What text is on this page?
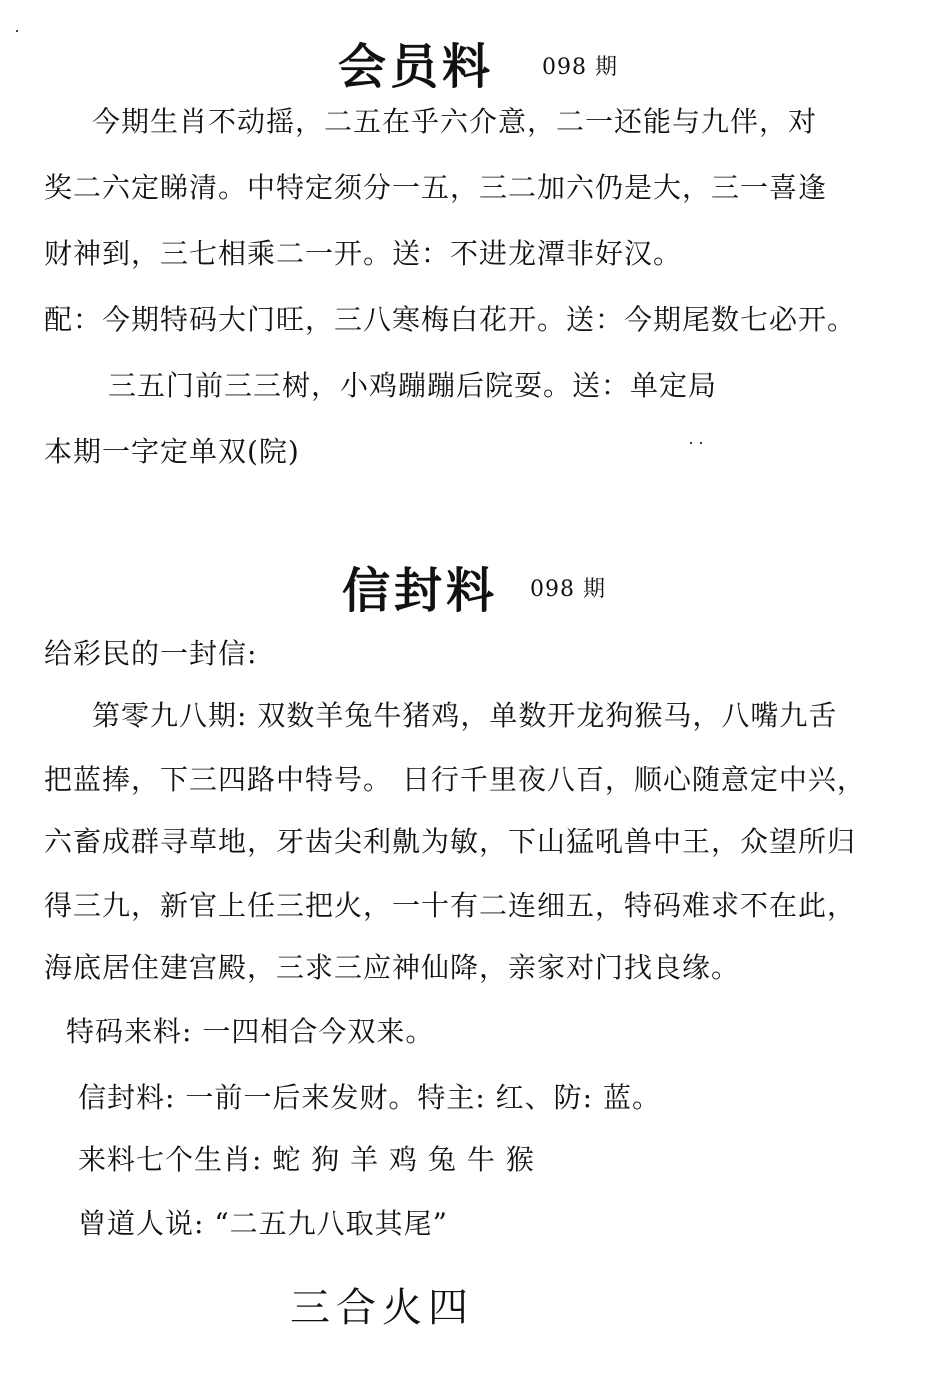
会员料 098 期
今期生肖不动摇，二五在乎六介意，二一还能与九伴，对
奖二六定睇清。中特定须分一五，三二加六仍是大，三一喜逢
财神到，三七相乘二一开。送：不进龙潭非好汉。
配：今期特码大门旺，三八寒梅白花开。送：今期尾数七必开。
三五门前三三树，小鸡蹦蹦后院耍。送：单定局
本期一字定单双(院)
信封料 098 期
给彩民的一封信:
第零九八期: 双数羊兔牛猪鸡，单数开龙狗猴马，八嘴九舌
把蓝捧，下三四路中特号。 日行千里夜八百，顺心随意定中兴，
六畜成群寻草地，牙齿尖利鼽为敏，下山猛吼兽中王，众望所归
得三九，新官上任三把火，一十有二连细五，特码难求不在此，
海底居住建宫殿，三求三应神仙降，亲家对门找良缘。
特码来料: 一四相合今双来。
信封料: 一前一后来发财。特主: 红、防: 蓝。
来料七个生肖: 蛇 狗 羊 鸡 兔 牛 猴
曾道人说: “二五九八取其尾”
三合火四
